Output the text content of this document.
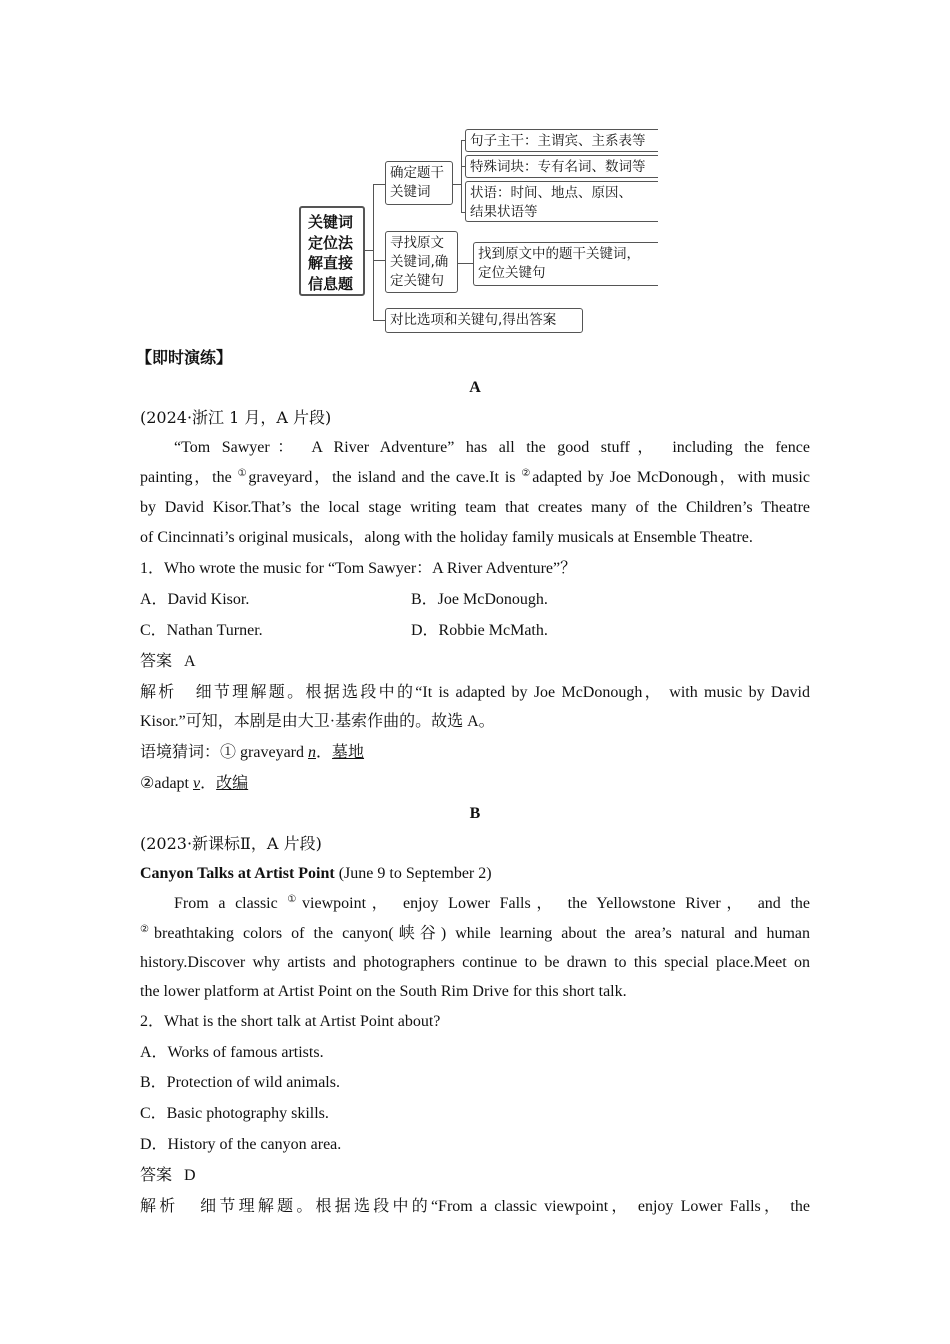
关键词
定位法
解直接
信息题
确定题干
关键词
句子主干：主谓宾、主系表等
特殊词块：专有名词、数词等
状语：时间、地点、原因、
结果状语等
寻找原文
关键词,确
定关键句
找到原文中的题干关键词，
定位关键句
对比选项和关键句,得出答案
【即时演练】
A
(2024·浙江 1 月，A 片段)
“Tom Sawyer： A River Adventure” has all the good stuff， including the fence
painting，the ①graveyard，the island and the cave.It is ②adapted by Joe McDonough，with music
by David Kisor.That’s the local stage writing team that creates many of the Children’s Theatre
of Cincinnati’s original musicals，along with the holiday family musicals at Ensemble Theatre.
1．Who wrote the music for “Tom Sawyer：A River Adventure”？
A．David Kisor.	B．Joe McDonough.
C．Nathan Turner.	D．Robbie McMath.
答案 A
解析 细节理解题。根据选段中的“It is adapted by Joe McDonough， with music by David
Kisor.”可知，本剧是由大卫·基索作曲的。故选 A。
语境猜词：① graveyard n．墓地
②adapt v．改编
B
(2023·新课标Ⅱ，A 片段)
Canyon Talks at Artist Point (June 9 to September 2)
From a classic ①viewpoint， enjoy Lower Falls， the Yellowstone River， and the
②breathtaking colors of the canyon(峡谷) while learning about the area’s natural and human
history.Discover why artists and photographers continue to be drawn to this special place.Meet on
the lower platform at Artist Point on the South Rim Drive for this short talk.
2．What is the short talk at Artist Point about?
A．Works of famous artists.
B．Protection of wild animals.
C．Basic photography skills.
D．History of the canyon area.
答案 D
解析 细节理解题。根据选段中的“From a classic viewpoint， enjoy Lower Falls， the
